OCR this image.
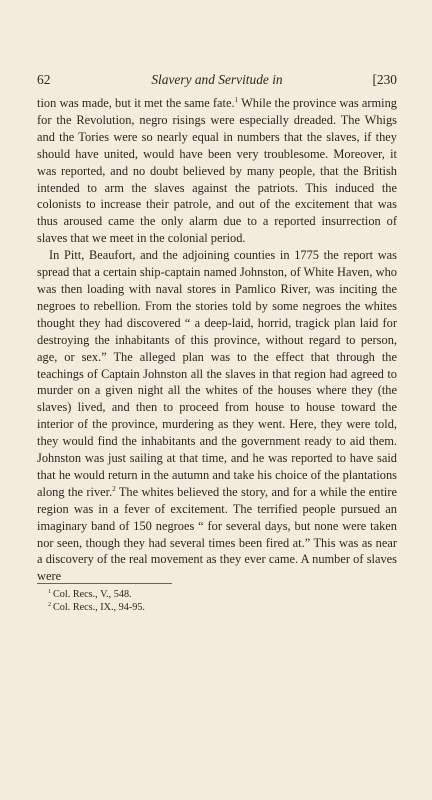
62	Slavery and Servitude in	[230

tion was made, but it met the same fate.$^1$ While the province was arming for the Revolution, negro risings were especially dreaded. The Whigs and the Tories were so nearly equal in numbers that the slaves, if they should have united, would have been very troublesome. Moreover, it was reported, and no doubt believed by many people, that the British intended to arm the slaves against the patriots. This induced the colonists to increase their patrole, and out of the excitement that was thus aroused came the only alarm due to a reported insurrection of slaves that we meet in the colonial period.

In Pitt, Beaufort, and the adjoining counties in 1775 the report was spread that a certain ship-captain named Johnston, of White Haven, who was then loading with naval stores in Pamlico River, was inciting the negroes to rebellion. From the stories told by some negroes the whites thought they had discovered “ a deep-laid, horrid, tragick plan laid for destroying the inhabitants of this province, without regard to person, age, or sex.” The alleged plan was to the effect that through the teachings of Captain Johnston all the slaves in that region had agreed to murder on a given night all the whites of the houses where they (the slaves) lived, and then to proceed from house to house toward the interior of the province, murdering as they went. Here, they were told, they would find the inhabitants and the government ready to aid them. Johnston was just sailing at that time, and he was reported to have said that he would return in the autumn and take his choice of the plantations along the river.$^2$ The whites believed the story, and for a while the entire region was in a fever of excitement. The terrified people pursued an imaginary band of 150 negroes “ for several days, but none were taken nor seen, though they had several times been fired at.” This was as near a discovery of the real movement as they ever came. A number of slaves were

$^1$ Col. Recs., V., 548.

$^2$ Col. Recs., IX., 94-95.
